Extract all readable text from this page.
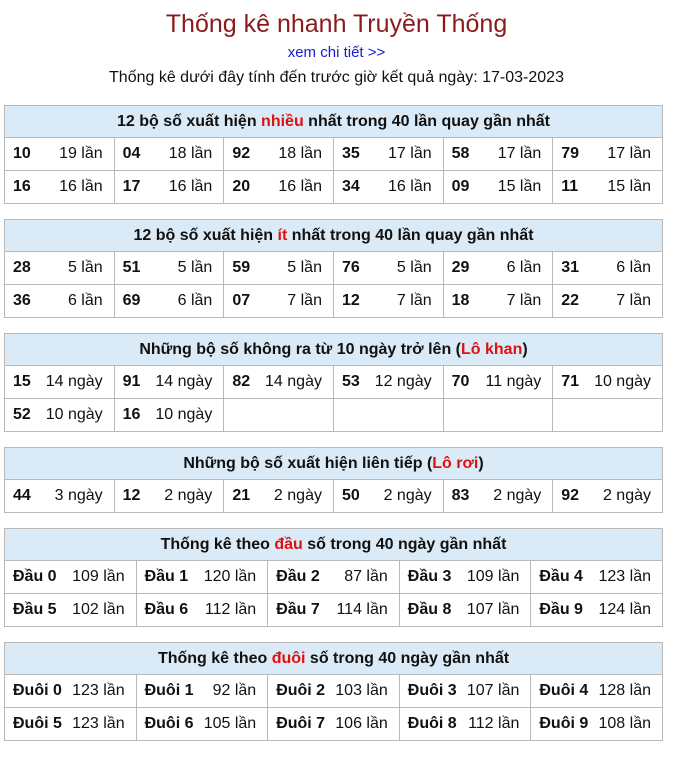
Thống kê nhanh Truyền Thống
xem chi tiết >>
Thống kê dưới đây tính đến trước giờ kết quả ngày: 17-03-2023
12 bộ số xuất hiện nhiều nhất trong 40 lần quay gần nhất					

10 19 lần	04 18 lần	92 18 lần	35 17 lần	58 17 lần	79 17 lần

16 16 lần	17 16 lần	20 16 lần	34 16 lần	09 15 lần	11 15 lần
12 bộ số xuất hiện ít nhất trong 40 lần quay gần nhất					

28 5 lần	51 5 lần	59 5 lần	76 5 lần	29 6 lần	31 6 lần

36 6 lần	69 6 lần	07 7 lần	12 7 lần	18 7 lần	22 7 lần
Những bộ số không ra từ 10 ngày trở lên (Lô khan)					

15 14 ngày	91 14 ngày	82 14 ngày	53 12 ngày	70 11 ngày	71 10 ngày

52 10 ngày	16 10 ngày				

Những bộ số xuất hiện liên tiếp (Lô rơi)

44 3 ngày	12 2 ngày	21 2 ngày	50 2 ngày	83 2 ngày	92 2 ngày
Thống kê theo đầu số trong 40 ngày gần nhất				

Đầu 0 109 lần	Đầu 1 120 lần	Đầu 2 87 lần	Đầu 3 109 lần	Đầu 4 123 lần

Đầu 5 102 lần	Đầu 6 112 lần	Đầu 7 114 lần	Đầu 8 107 lần	Đầu 9 124 lần
Thống kê theo đuôi số trong 40 ngày gần nhất				

Đuôi 0 123 lần	Đuôi 1 92 lần	Đuôi 2 103 lần	Đuôi 3 107 lần	Đuôi 4 128 lần

Đuôi 5 123 lần	Đuôi 6 105 lần	Đuôi 7 106 lần	Đuôi 8 112 lần	Đuôi 9 108 lần
